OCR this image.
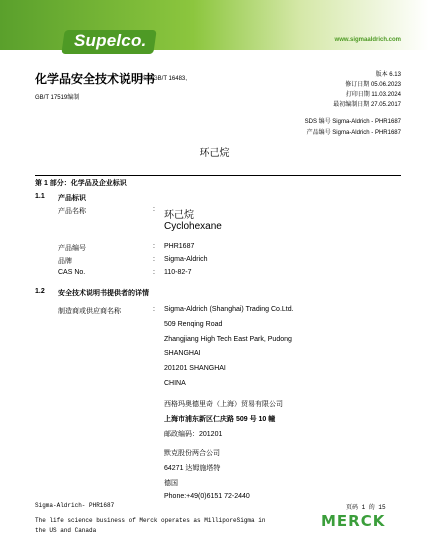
Supelco.	www.sigmaaldrich.com
化学品安全技术说明书
按照GB/T 16483、
GB/T 17519编制
版本 6.13
修订日期 05.06.2023
打印日期 11.03.2024
最初编制日期 27.05.2017
SDS 编号 Sigma-Aldrich - PHR1687
产品编号 Sigma-Aldrich - PHR1687
环己烷
第 1 部分：化学品及企业标识
1.1 产品标识
产品名称	:
环己烷
Cyclohexane
产品编号	: PHR1687
品牌	: Sigma-Aldrich
CAS No.	: 110-82-7
1.2 安全技术说明书提供者的详情
制造商或供应商名称	: Sigma-Aldrich (Shanghai) Trading Co.Ltd.
509 Renqing Road
Zhangjiang High Tech East Park, Pudong
SHANGHAI
201201 SHANGHAI
CHINA
西格玛奥德里奇（上海）贸易有限公司
上海市浦东新区仁庆路 509 号 10 幢
邮政编码：201201
默克股份两合公司
64271 达姆施塔特
德国
Phone:+49(0)6151 72-2440
Sigma-Aldrich- PHR1687	页码 1 的 15
The life science business of Merck operates as MilliporeSigma in
the US and Canada
MERCK
